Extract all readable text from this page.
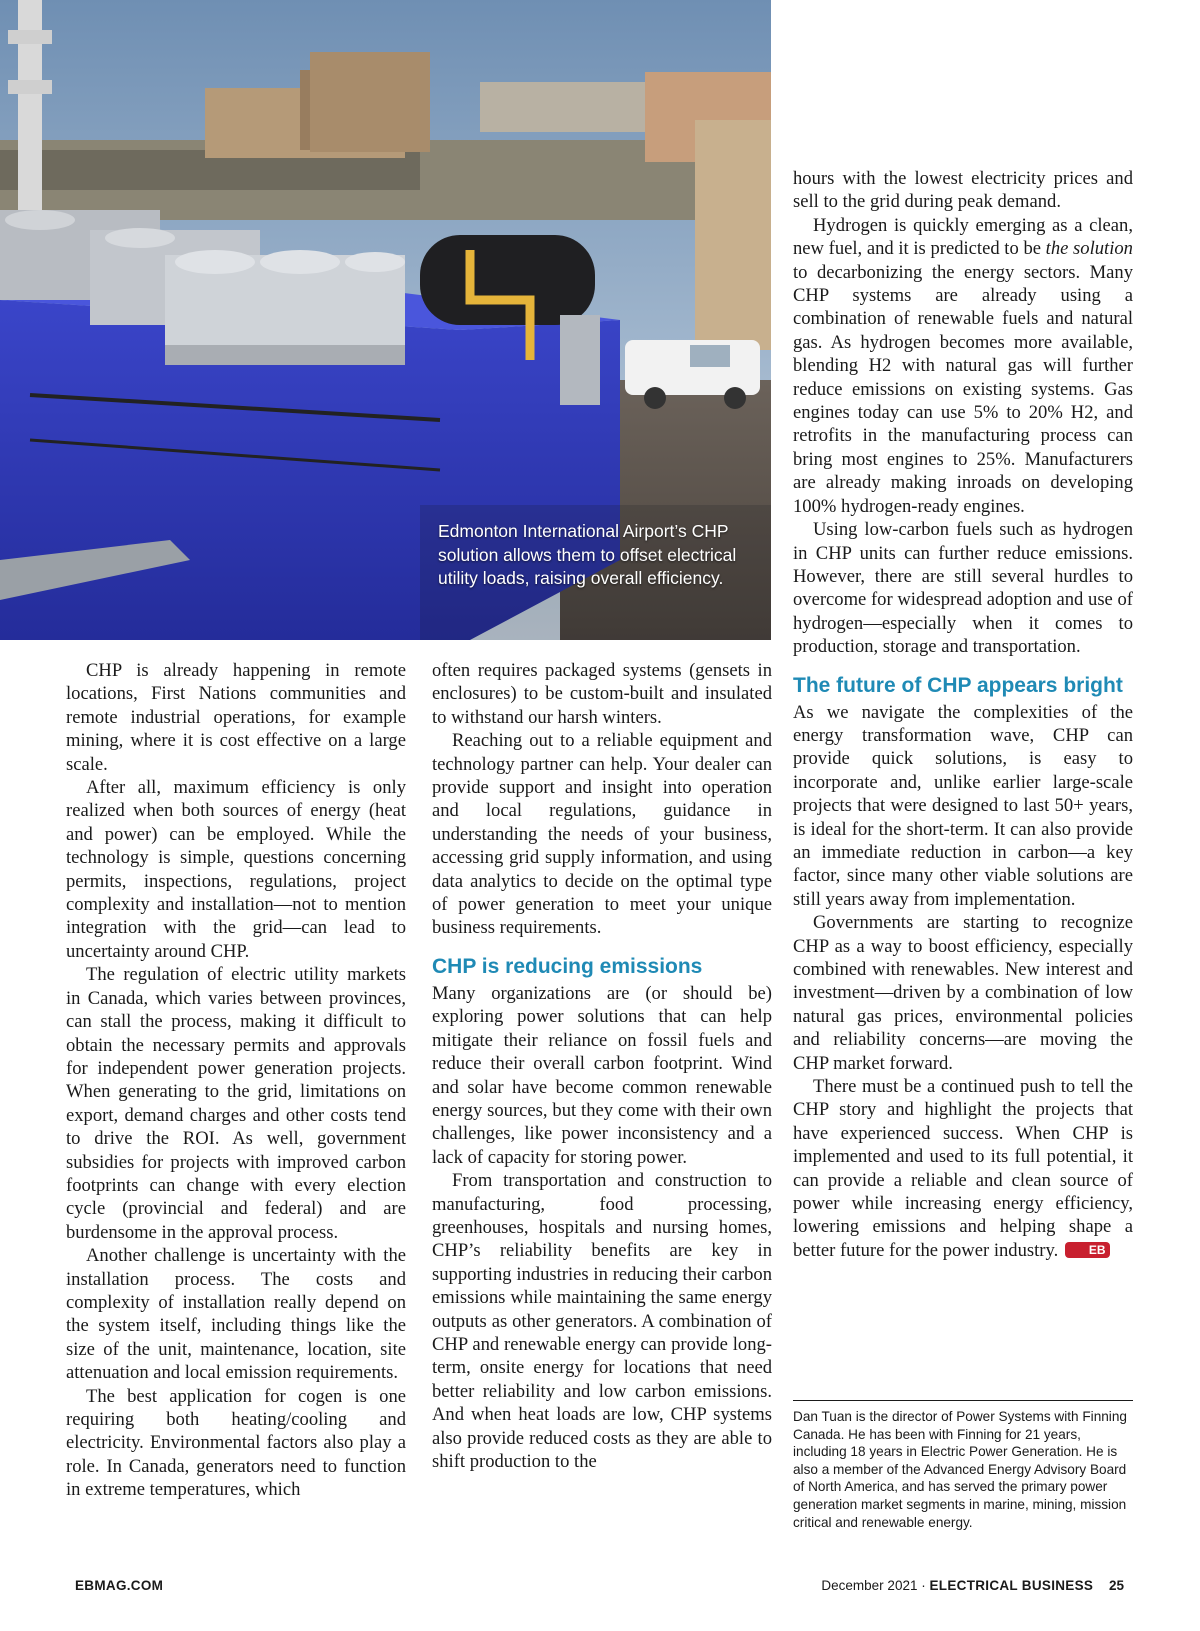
Edmonton International Airport’s CHP solution allows them to offset electrical utility loads, raising overall efficiency.

CHP is already happening in remote locations, First Nations communities and remote industrial operations, for example mining, where it is cost effective on a large scale.

After all, maximum efficiency is only realized when both sources of energy (heat and power) can be employed. While the technology is simple, questions concerning permits, inspections, regulations, project complexity and installation—not to mention integration with the grid—can lead to uncertainty around CHP.

The regulation of electric utility markets in Canada, which varies between provinces, can stall the process, making it difficult to obtain the necessary permits and approvals for independent power generation projects. When generating to the grid, limitations on export, demand charges and other costs tend to drive the ROI. As well, government subsidies for projects with improved carbon footprints can change with every election cycle (provincial and federal) and are burdensome in the approval process.

Another challenge is uncertainty with the installation process. The costs and complexity of installation really depend on the system itself, including things like the size of the unit, maintenance, location, site attenuation and local emission requirements.

The best application for cogen is one requiring both heating/cooling and electricity. Environmental factors also play a role. In Canada, generators need to function in extreme temperatures, which

often requires packaged systems (gensets in enclosures) to be custom-built and insulated to withstand our harsh winters.

Reaching out to a reliable equipment and technology partner can help. Your dealer can provide support and insight into operation and local regulations, guidance in understanding the needs of your business, accessing grid supply information, and using data analytics to decide on the optimal type of power generation to meet your unique business requirements.

CHP is reducing emissions

Many organizations are (or should be) exploring power solutions that can help mitigate their reliance on fossil fuels and reduce their overall carbon footprint. Wind and solar have become common renewable energy sources, but they come with their own challenges, like power inconsistency and a lack of capacity for storing power.

From transportation and construction to manufacturing, food processing, greenhouses, hospitals and nursing homes, CHP’s reliability benefits are key in supporting industries in reducing their carbon emissions while maintaining the same energy outputs as other generators. A combination of CHP and renewable energy can provide long-term, onsite energy for locations that need better reliability and low carbon emissions. And when heat loads are low, CHP systems also provide reduced costs as they are able to shift production to the

hours with the lowest electricity prices and sell to the grid during peak demand.

Hydrogen is quickly emerging as a clean, new fuel, and it is predicted to be the solution to decarbonizing the energy sectors. Many CHP systems are already using a combination of renewable fuels and natural gas. As hydrogen becomes more available, blending H2 with natural gas will further reduce emissions on existing systems. Gas engines today can use 5% to 20% H2, and retrofits in the manufacturing process can bring most engines to 25%. Manufacturers are already making inroads on developing 100% hydrogen-ready engines.

Using low-carbon fuels such as hydrogen in CHP units can further reduce emissions. However, there are still several hurdles to overcome for widespread adoption and use of hydrogen—especially when it comes to production, storage and transportation.

The future of CHP appears bright

As we navigate the complexities of the energy transformation wave, CHP can provide quick solutions, is easy to incorporate and, unlike earlier large-scale projects that were designed to last 50+ years, is ideal for the short-term. It can also provide an immediate reduction in carbon—a key factor, since many other viable solutions are still years away from implementation.

Governments are starting to recognize CHP as a way to boost efficiency, especially combined with renewables. New interest and investment—driven by a combination of low natural gas prices, environmental policies and reliability concerns—are moving the CHP market forward.

There must be a continued push to tell the CHP story and highlight the projects that have experienced success. When CHP is implemented and used to its full potential, it can provide a reliable and clean source of power while increasing energy efficiency, lowering emissions and helping shape a better future for the power industry.	EB

Dan Tuan is the director of Power Systems with Finning Canada. He has been with Finning for 21 years, including 18 years in Electric Power Generation. He is also a member of the Advanced Energy Advisory Board of North America, and has served the primary power generation market segments in marine, mining, mission critical and renewable energy.
EBMAG.COM	December 2021 · ELECTRICAL BUSINESS 25
